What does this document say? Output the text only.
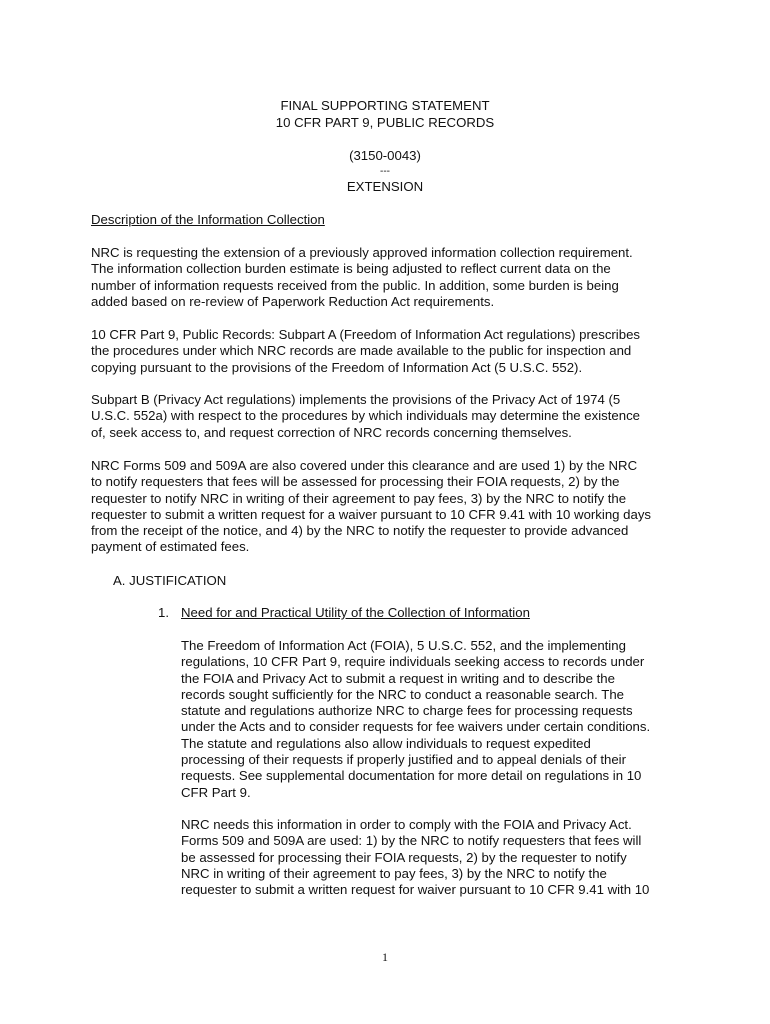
FINAL SUPPORTING STATEMENT
10 CFR PART 9, PUBLIC RECORDS
(3150-0043)
---
EXTENSION

Description of the Information Collection

NRC is requesting the extension of a previously approved information collection requirement.
The information collection burden estimate is being adjusted to reflect current data on the
number of information requests received from the public. In addition, some burden is being
added based on re-review of Paperwork Reduction Act requirements.

10 CFR Part 9, Public Records: Subpart A (Freedom of Information Act regulations) prescribes
the procedures under which NRC records are made available to the public for inspection and
copying pursuant to the provisions of the Freedom of Information Act (5 U.S.C. 552).

Subpart B (Privacy Act regulations) implements the provisions of the Privacy Act of 1974 (5
U.S.C. 552a) with respect to the procedures by which individuals may determine the existence
of, seek access to, and request correction of NRC records concerning themselves.

NRC Forms 509 and 509A are also covered under this clearance and are used 1) by the NRC
to notify requesters that fees will be assessed for processing their FOIA requests, 2) by the
requester to notify NRC in writing of their agreement to pay fees, 3) by the NRC to notify the
requester to submit a written request for a waiver pursuant to 10 CFR 9.41 with 10 working days
from the receipt of the notice, and 4) by the NRC to notify the requester to provide advanced
payment of estimated fees.

A. JUSTIFICATION

1. Need for and Practical Utility of the Collection of Information

The Freedom of Information Act (FOIA), 5 U.S.C. 552, and the implementing
regulations, 10 CFR Part 9, require individuals seeking access to records under
the FOIA and Privacy Act to submit a request in writing and to describe the
records sought sufficiently for the NRC to conduct a reasonable search. The
statute and regulations authorize NRC to charge fees for processing requests
under the Acts and to consider requests for fee waivers under certain conditions.
The statute and regulations also allow individuals to request expedited
processing of their requests if properly justified and to appeal denials of their
requests. See supplemental documentation for more detail on regulations in 10
CFR Part 9.

NRC needs this information in order to comply with the FOIA and Privacy Act.
Forms 509 and 509A are used: 1) by the NRC to notify requesters that fees will
be assessed for processing their FOIA requests, 2) by the requester to notify
NRC in writing of their agreement to pay fees, 3) by the NRC to notify the
requester to submit a written request for waiver pursuant to 10 CFR 9.41 with 10

1
